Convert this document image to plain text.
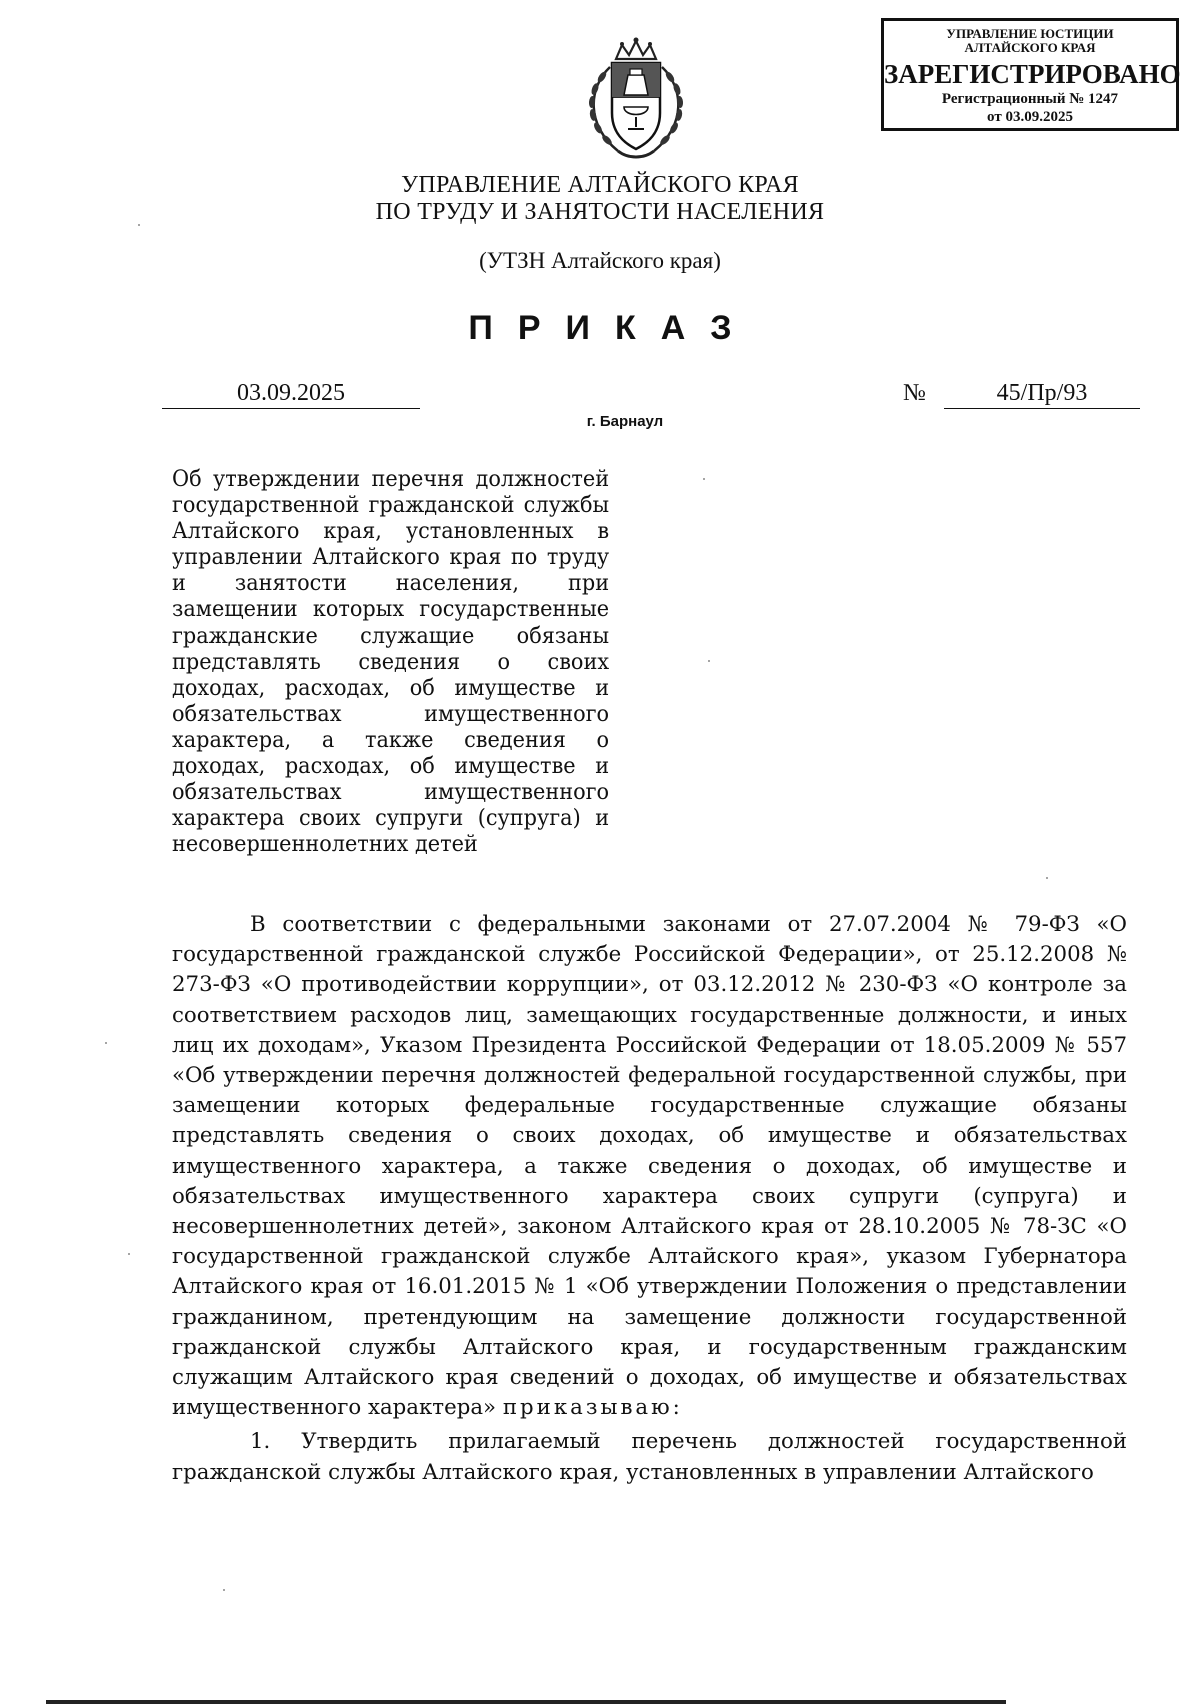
УПРАВЛЕНИЕ ЮСТИЦИИ
АЛТАЙСКОГО КРАЯ
ЗАРЕГИСТРИРОВАНО
Регистрационный № 1247
от 03.09.2025
УПРАВЛЕНИЕ АЛТАЙСКОГО КРАЯ
ПО ТРУДУ И ЗАНЯТОСТИ НАСЕЛЕНИЯ
(УТЗН Алтайского края)
ПРИКАЗ
03.09.2025	№	45/Пр/93
г. Барнаул
Об утверждении перечня должностей государственной гражданской службы Алтайского края, установленных в управлении Алтайского края по труду и занятости населения, при замещении которых государственные гражданские служащие обязаны представлять сведения о своих доходах, расходах, об имуществе и обязательствах имущественного характера, а также сведения о доходах, расходах, об имуществе и обязательствах имущественного характера своих супруги (супруга) и несовершеннолетних детей

В соответствии с федеральными законами от 27.07.2004 № 79-ФЗ «О государственной гражданской службе Российской Федерации», от 25.12.2008 № 273-ФЗ «О противодействии коррупции», от 03.12.2012 № 230-ФЗ «О контроле за соответствием расходов лиц, замещающих государственные должности, и иных лиц их доходам», Указом Президента Российской Федерации от 18.05.2009 № 557 «Об утверждении перечня должностей федеральной государственной службы, при замещении которых федеральные государственные служащие обязаны представлять сведения о своих доходах, об имуществе и обязательствах имущественного характера, а также сведения о доходах, об имуществе и обязательствах имущественного характера своих супруги (супруга) и несовершеннолетних детей», законом Алтайского края от 28.10.2005 № 78-ЗС «О государственной гражданской службе Алтайского края», указом Губернатора Алтайского края от 16.01.2015 № 1 «Об утверждении Положения о представлении гражданином, претендующим на замещение должности государственной гражданской службы Алтайского края, и государственным гражданским служащим Алтайского края сведений о доходах, об имуществе и обязательствах имущественного характера» приказываю:

1. Утвердить прилагаемый перечень должностей государственной гражданской службы Алтайского края, установленных в управлении Алтайского
